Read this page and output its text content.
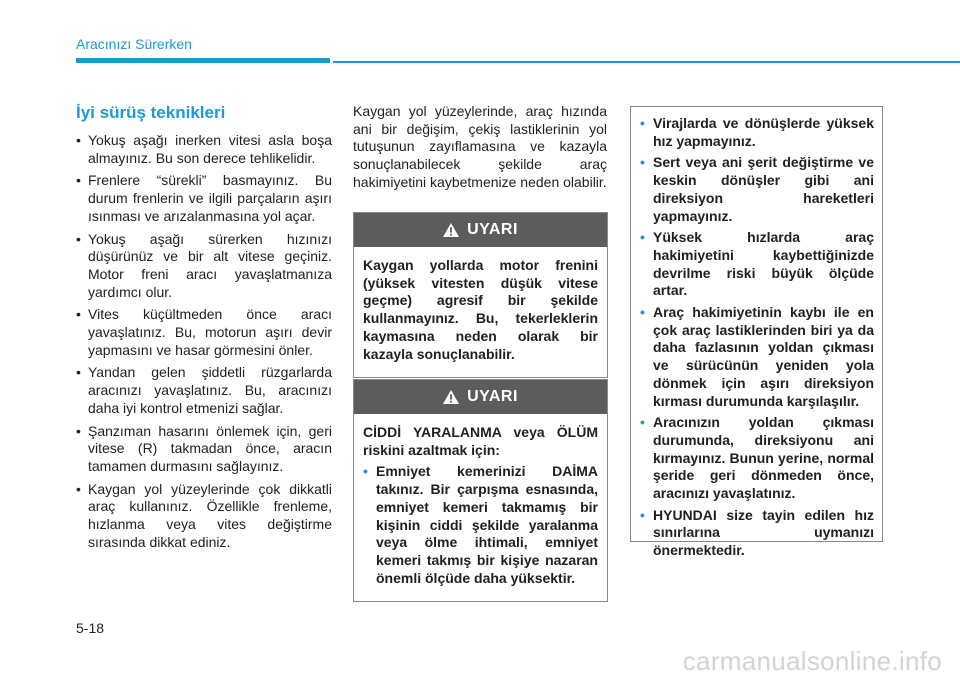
Aracınızı Sürerken
İyi sürüş teknikleri
• Yokuş aşağı inerken vitesi asla boşa almayınız. Bu son derece tehlikelidir.
• Frenlere “sürekli” basmayınız. Bu durum frenlerin ve ilgili parçaların aşırı ısınması ve arızalanmasına yol açar.
• Yokuş aşağı sürerken hızınızı düşürünüz ve bir alt vitese geçiniz. Motor freni aracı yavaşlatmanıza yardımcı olur.
• Vites küçültmeden önce aracı yavaşlatınız. Bu, motorun aşırı devir yapmasını ve hasar görmesini önler.
• Yandan gelen şiddetli rüzgarlarda aracınızı yavaşlatınız. Bu, aracınızı daha iyi kontrol etmenizi sağlar.
• Şanzıman hasarını önlemek için, geri vitese (R) takmadan önce, aracın tamamen durmasını sağlayınız.
• Kaygan yol yüzeylerinde çok dikkatli araç kullanınız. Özellikle frenleme, hızlanma veya vites değiştirme sırasında dikkat ediniz.

Kaygan yol yüzeylerinde, araç hızında ani bir değişim, çekiş lastiklerinin yol tutuşunun zayıflamasına ve kazayla sonuçlanabilecek şekilde araç hakimiyetini kaybetmenize neden olabilir.

UYARI

Kaygan yollarda motor frenini (yüksek vitesten düşük vitese geçme) agresif bir şekilde kullanmayınız. Bu, tekerleklerin kaymasına neden olarak bir kazayla sonuçlanabilir.

UYARI

CİDDİ YARALANMA veya ÖLÜM riskini azaltmak için:

• Emniyet kemerinizi DAİMA takınız. Bir çarpışma esnasında, emniyet kemeri takmamış bir kişinin ciddi şekilde yaralanma veya ölme ihtimali, emniyet kemeri takmış bir kişiye nazaran önemli ölçüde daha yüksektir.
• Virajlarda ve dönüşlerde yüksek hız yapmayınız.
• Sert veya ani şerit değiştirme ve keskin dönüşler gibi ani direksiyon hareketleri yapmayınız.
• Yüksek hızlarda araç hakimiyetini kaybettiğinizde devrilme riski büyük ölçüde artar.
• Araç hakimiyetinin kaybı ile en çok araç lastiklerinden biri ya da daha fazlasının yoldan çıkması ve sürücünün yeniden yola dönmek için aşırı direksiyon kırması durumunda karşılaşılır.
• Aracınızın yoldan çıkması durumunda, direksiyonu ani kırmayınız. Bunun yerine, normal şeride geri dönmeden önce, aracınızı yavaşlatınız.
• HYUNDAI size tayin edilen hız sınırlarına uymanızı önermektedir.
5-18
carmanualsonline.info
